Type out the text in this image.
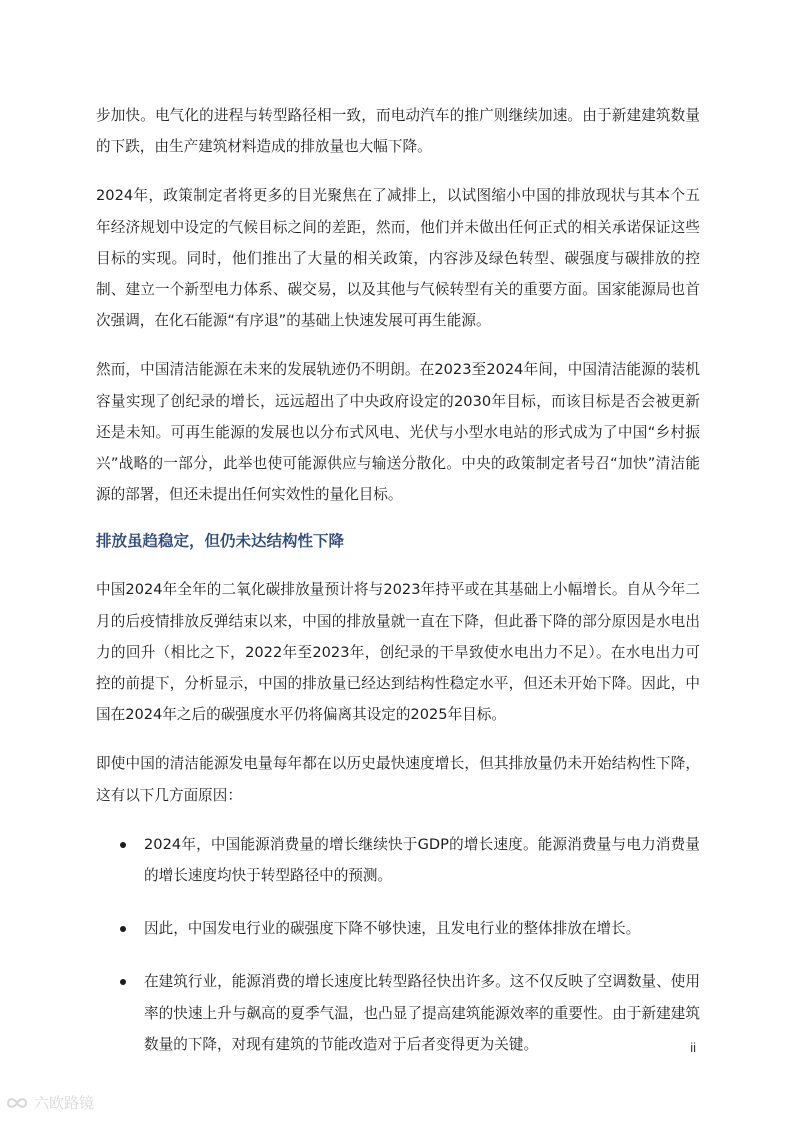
步加快。电气化的进程与转型路径相一致，而电动汽车的推广则继续加速。由于新建建筑数量的下跌，由生产建筑材料造成的排放量也大幅下降。

2024年，政策制定者将更多的目光聚焦在了减排上，以试图缩小中国的排放现状与其本个五年经济规划中设定的气候目标之间的差距，然而，他们并未做出任何正式的相关承诺保证这些目标的实现。同时，他们推出了大量的相关政策，内容涉及绿色转型、碳强度与碳排放的控制、建立一个新型电力体系、碳交易，以及其他与气候转型有关的重要方面。国家能源局也首次强调，在化石能源“有序退”的基础上快速发展可再生能源。

然而，中国清洁能源在未来的发展轨迹仍不明朗。在2023至2024年间，中国清洁能源的装机容量实现了创纪录的增长，远远超出了中央政府设定的2030年目标，而该目标是否会被更新还是未知。可再生能源的发展也以分布式风电、光伏与小型水电站的形式成为了中国“乡村振兴”战略的一部分，此举也使可能源供应与输送分散化。中央的政策制定者号召“加快”清洁能源的部署，但还未提出任何实效性的量化目标。

排放虽趋稳定，但仍未达结构性下降

中国2024年全年的二氧化碳排放量预计将与2023年持平或在其基础上小幅增长。自从今年二月的后疫情排放反弹结束以来，中国的排放量就一直在下降，但此番下降的部分原因是水电出力的回升（相比之下，2022年至2023年，创纪录的干旱致使水电出力不足）。在水电出力可控的前提下，分析显示，中国的排放量已经达到结构性稳定水平，但还未开始下降。因此，中国在2024年之后的碳强度水平仍将偏离其设定的2025年目标。

即使中国的清洁能源发电量每年都在以历史最快速度增长，但其排放量仍未开始结构性下降，这有以下几方面原因：

2024年，中国能源消费量的增长继续快于GDP的增长速度。能源消费量与电力消费量的增长速度均快于转型路径中的预测。
因此，中国发电行业的碳强度下降不够快速，且发电行业的整体排放在增长。
在建筑行业，能源消费的增长速度比转型路径快出许多。这不仅反映了空调数量、使用率的快速上升与飙高的夏季气温，也凸显了提高建筑能源效率的重要性。由于新建建筑数量的下降，对现有建筑的节能改造对于后者变得更为关键。	ii
六欧路镜
